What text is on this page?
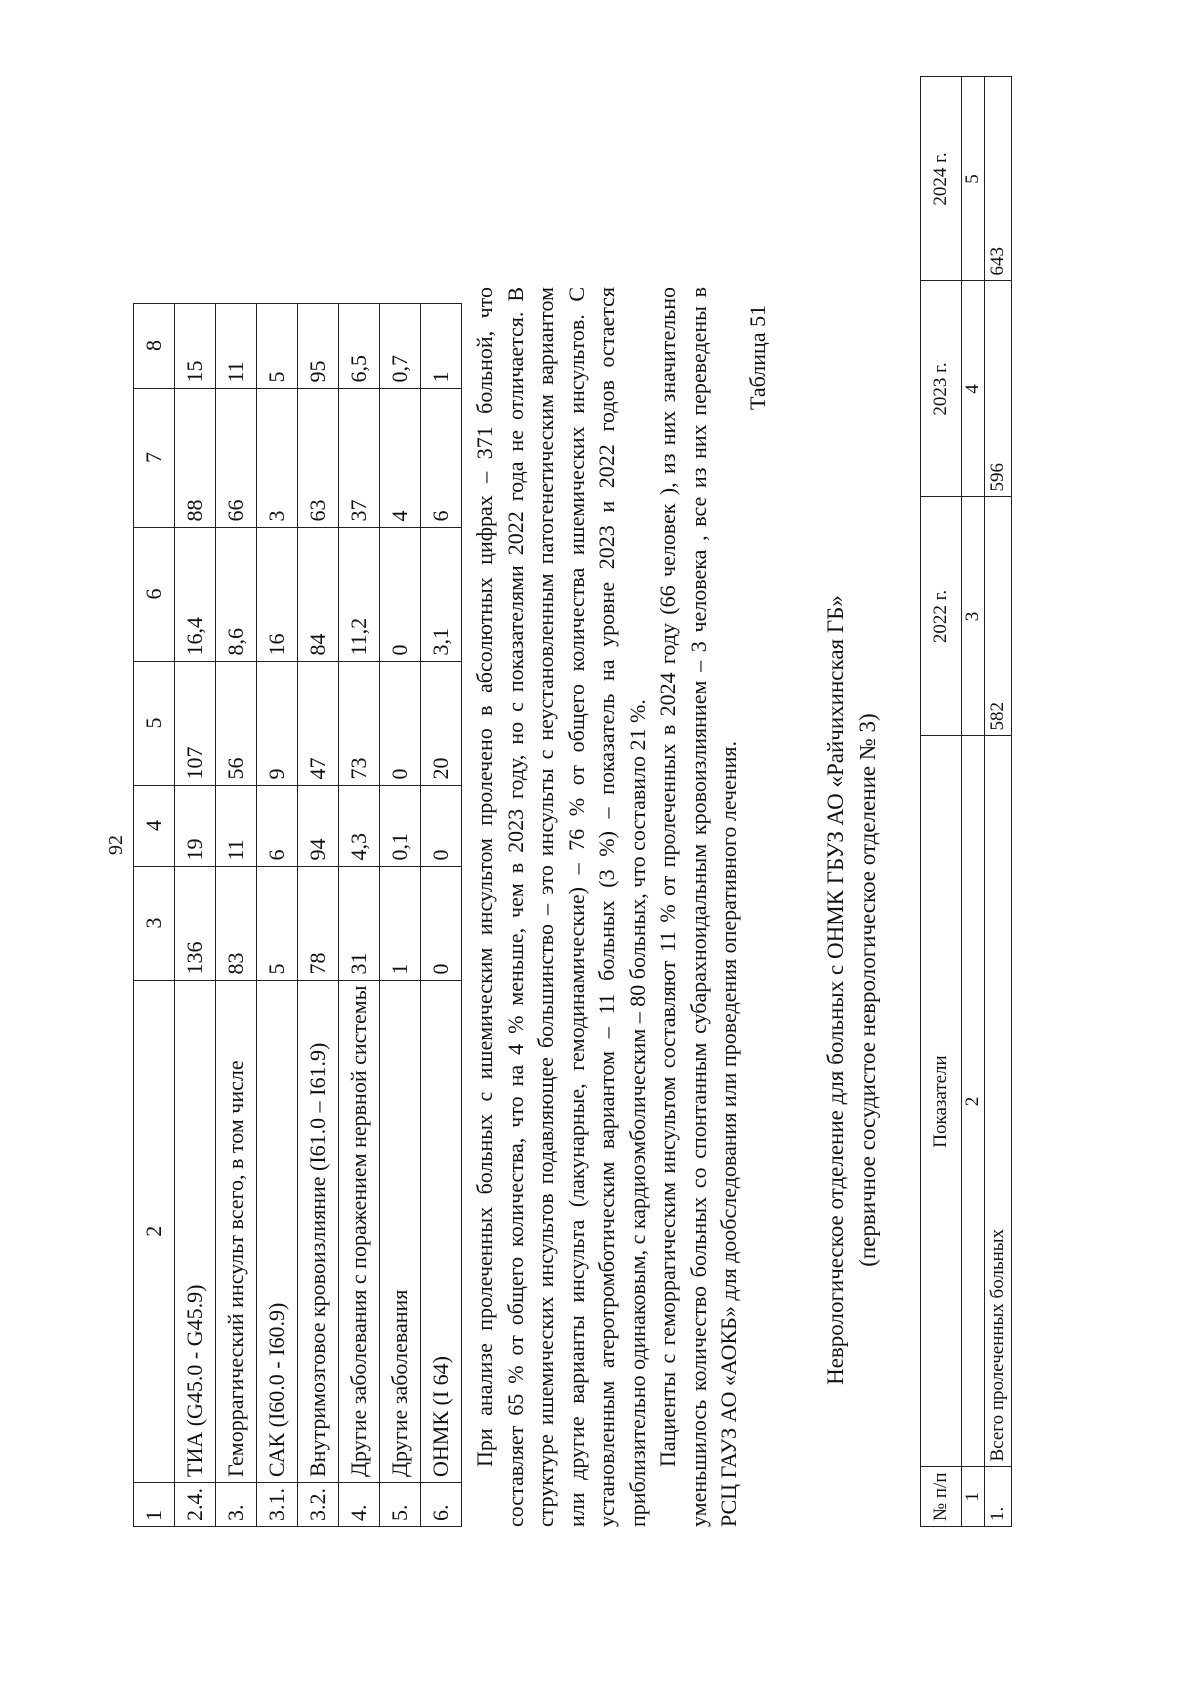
92
1	2	3	4	5	6	7	8
2.4.	ТИА (G45.0 - G45.9)	136	19	107	16,4	88	15
3.	Геморрагический инсульт всего, в том числе	83	11	56	8,6	66	11
3.1.	САК (I60.0 - I60.9)	5	6	9	16	3	5
3.2.	Внутримозговое кровоизлияние (I61.0 – I61.9)	78	94	47	84	63	95
4.	Другие заболевания с поражением нервной системы	31	4,3	73	11,2	37	6,5
5.	Другие заболевания	1	0,1	0	0	4	0,7
6.	ОНМК (I 64)	0	0	20	3,1	6	1 При анализе пролеченных больных с ишемическим инсультом пролечено в абсолютных цифрах – 371 больной, что составляет 65 % от общего количества, что на 4 % меньше, чем в 2023 году, но с показателями 2022 года не отличается. В структуре ишемических инсультов подавляющее большинство – это инсульты с неустановленным патогенетическим вариантом или другие варианты инсульта (лакунарные, гемодинамические) – 76 % от общего количества ишемических инсультов. С установленным атеротромботическим вариантом – 11 больных (3 %) – показатель на уровне 2023 и 2022 годов остается приблизительно одинаковым, с кардиоэмболическим – 80 больных, что составило 21 %. Пациенты с геморрагическим инсультом составляют 11 % от пролеченных в 2024 году (66 человек ), из них значительно уменьшилось количество больных со спонтанным субарахноидальным кровоизлиянием – 3 человека , все из них переведены в РСЦ ГАУЗ АО «АОКБ» для дообследования или проведения оперативного лечения.

Таблица 51
Неврологическое отделение для больных с ОНМК ГБУЗ АО «Райчихинская ГБ» (первичное сосудистое неврологическое отделение № 3)
№ п/п	Показатели	2022 г.	2023 г.	2024 г.
1	2	3	4	5
1.	Всего пролеченных больных	582	596	643
